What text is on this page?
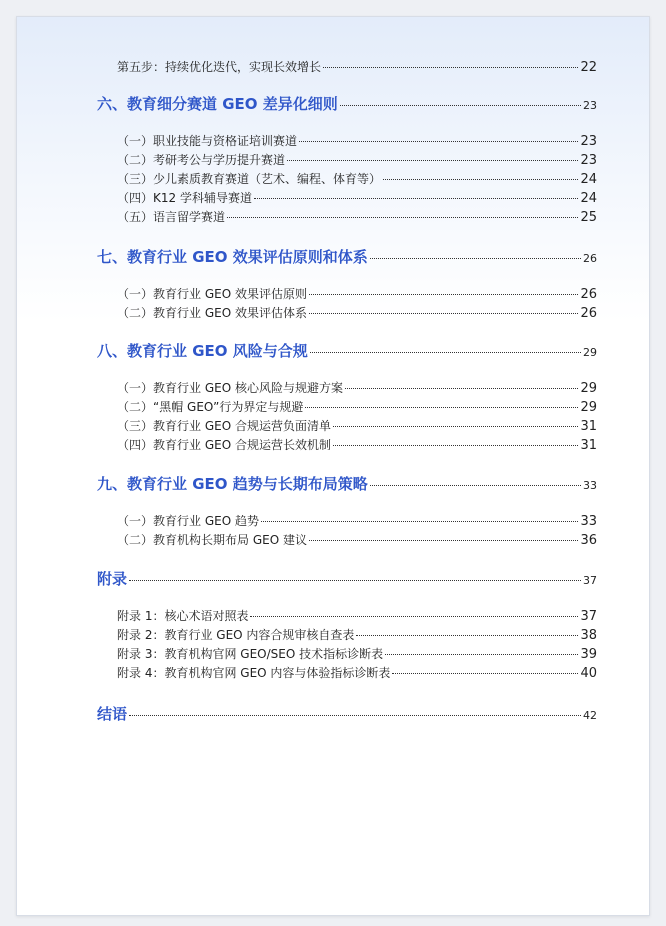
第五步：持续优化迭代，实现长效增长	22
六、教育细分赛道 GEO 差异化细则	23
（一）职业技能与资格证培训赛道	23
（二）考研考公与学历提升赛道	23
（三）少儿素质教育赛道（艺术、编程、体育等）	24
（四）K12 学科辅导赛道	24
（五）语言留学赛道	25
七、教育行业 GEO 效果评估原则和体系	26
（一）教育行业 GEO 效果评估原则	26
（二）教育行业 GEO 效果评估体系	26
八、教育行业 GEO 风险与合规	29
（一）教育行业 GEO 核心风险与规避方案	29
（二）“黑帽 GEO”行为界定与规避	29
（三）教育行业 GEO 合规运营负面清单	31
（四）教育行业 GEO 合规运营长效机制	31
九、教育行业 GEO 趋势与长期布局策略	33
（一）教育行业 GEO 趋势	33
（二）教育机构长期布局 GEO 建议	36
附录	37
附录 1：核心术语对照表	37
附录 2：教育行业 GEO 内容合规审核自查表	38
附录 3：教育机构官网 GEO/SEO 技术指标诊断表	39
附录 4：教育机构官网 GEO 内容与体验指标诊断表	40
结语	42
